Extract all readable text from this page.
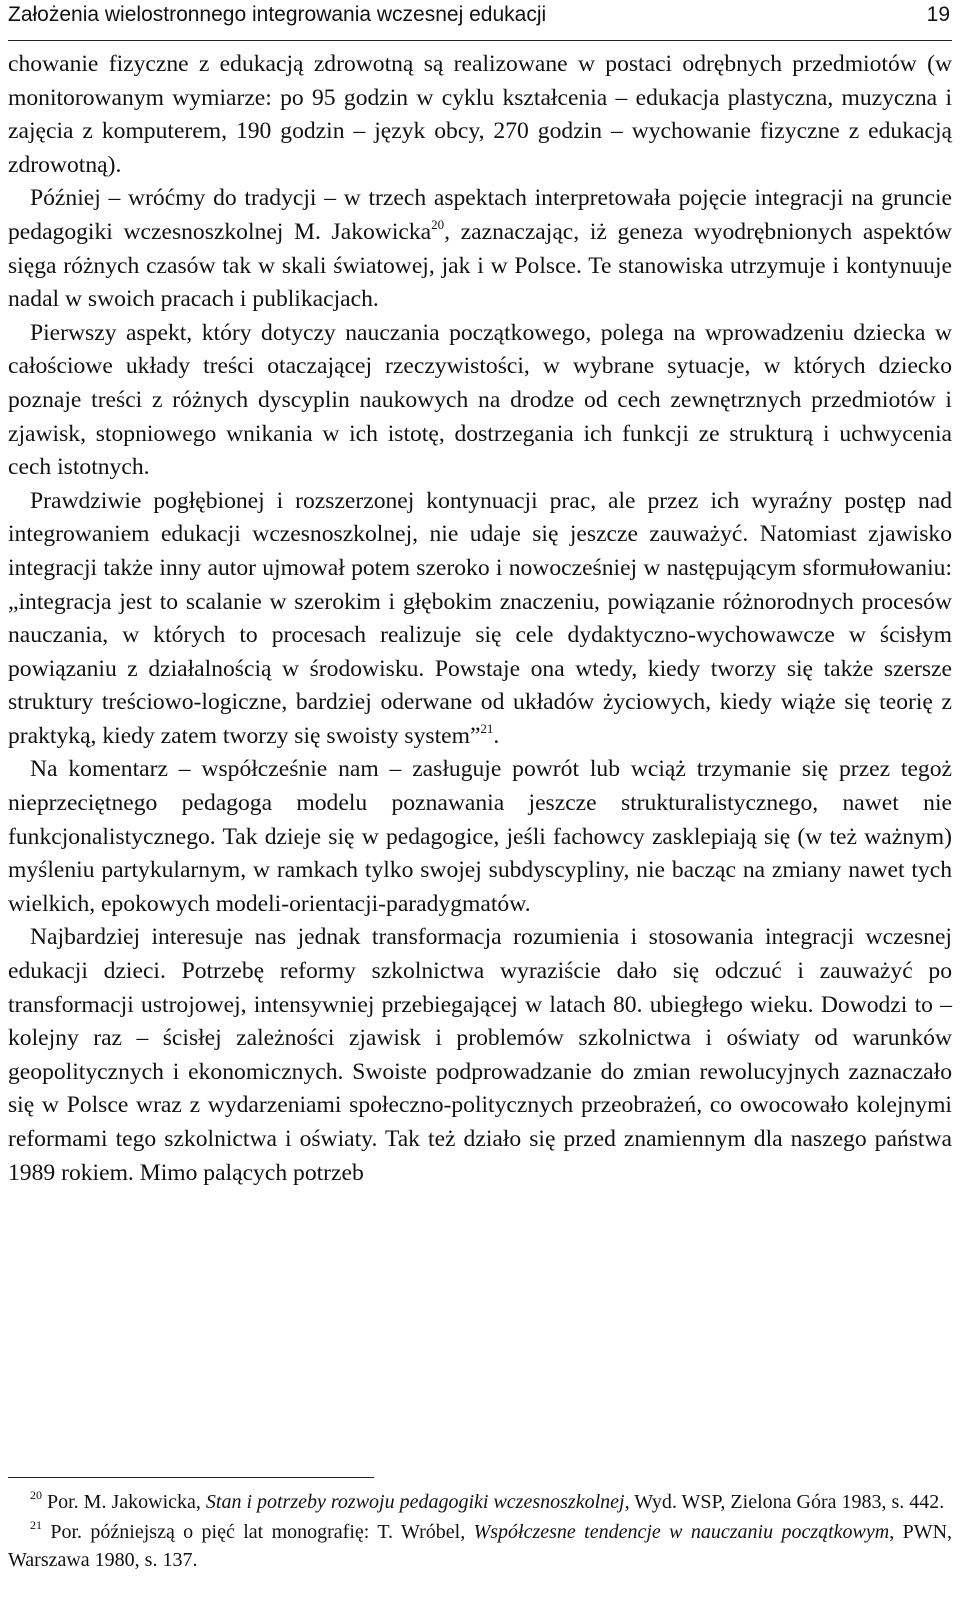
Założenia wielostronnego integrowania wczesnej edukacji	19

chowanie fizyczne z edukacją zdrowotną są realizowane w postaci odrębnych przedmiotów (w monitorowanym wymiarze: po 95 godzin w cyklu kształcenia – edukacja plastyczna, muzyczna i zajęcia z komputerem, 190 godzin – język obcy, 270 godzin – wychowanie fizyczne z edukacją zdrowotną).

Później – wróćmy do tradycji – w trzech aspektach interpretowała pojęcie integracji na gruncie pedagogiki wczesnoszkolnej M. Jakowicka$^{20}$, zaznaczając, iż geneza wyodrębnionych aspektów sięga różnych czasów tak w skali światowej, jak i w Polsce. Te stanowiska utrzymuje i kontynuuje nadal w swoich pracach i publikacjach.

Pierwszy aspekt, który dotyczy nauczania początkowego, polega na wprowadzeniu dziecka w całościowe układy treści otaczającej rzeczywistości, w wybrane sytuacje, w których dziecko poznaje treści z różnych dyscyplin naukowych na drodze od cech zewnętrznych przedmiotów i zjawisk, stopniowego wnikania w ich istotę, dostrzegania ich funkcji ze strukturą i uchwycenia cech istotnych.

Prawdziwie pogłębionej i rozszerzonej kontynuacji prac, ale przez ich wyraźny postęp nad integrowaniem edukacji wczesnoszkolnej, nie udaje się jeszcze zauważyć. Natomiast zjawisko integracji także inny autor ujmował potem szeroko i nowocześniej w następującym sformułowaniu: „integracja jest to scalanie w szerokim i głębokim znaczeniu, powiązanie różnorodnych procesów nauczania, w których to procesach realizuje się cele dydaktyczno-wychowawcze w ścisłym powiązaniu z działalnością w środowisku. Powstaje ona wtedy, kiedy tworzy się także szersze struktury treściowo-logiczne, bardziej oderwane od układów życiowych, kiedy wiąże się teorię z praktyką, kiedy zatem tworzy się swoisty system”$^{21}$.

Na komentarz – współcześnie nam – zasługuje powrót lub wciąż trzymanie się przez tegoż nieprzeciętnego pedagoga modelu poznawania jeszcze strukturalistycznego, nawet nie funkcjonalistycznego. Tak dzieje się w pedagogice, jeśli fachowcy zasklepiają się (w też ważnym) myśleniu partykularnym, w ramkach tylko swojej subdyscypliny, nie bacząc na zmiany nawet tych wielkich, epokowych modeli-orientacji-paradygmatów.

Najbardziej interesuje nas jednak transformacja rozumienia i stosowania integracji wczesnej edukacji dzieci. Potrzebę reformy szkolnictwa wyraziście dało się odczuć i zauważyć po transformacji ustrojowej, intensywniej przebiegającej w latach 80. ubiegłego wieku. Dowodzi to – kolejny raz – ścisłej zależności zjawisk i problemów szkolnictwa i oświaty od warunków geopolitycznych i ekonomicznych. Swoiste podprowadzanie do zmian rewolucyjnych zaznaczało się w Polsce wraz z wydarzeniami społeczno-politycznych przeobrażeń, co owocowało kolejnymi reformami tego szkolnictwa i oświaty. Tak też działo się przed znamiennym dla naszego państwa 1989 rokiem. Mimo palących potrzeb

$^{20}$ Por. M. Jakowicka, Stan i potrzeby rozwoju pedagogiki wczesnoszkolnej, Wyd. WSP, Zielona Góra 1983, s. 442.

$^{21}$ Por. późniejszą o pięć lat monografię: T. Wróbel, Współczesne tendencje w nauczaniu początkowym, PWN, Warszawa 1980, s. 137.
